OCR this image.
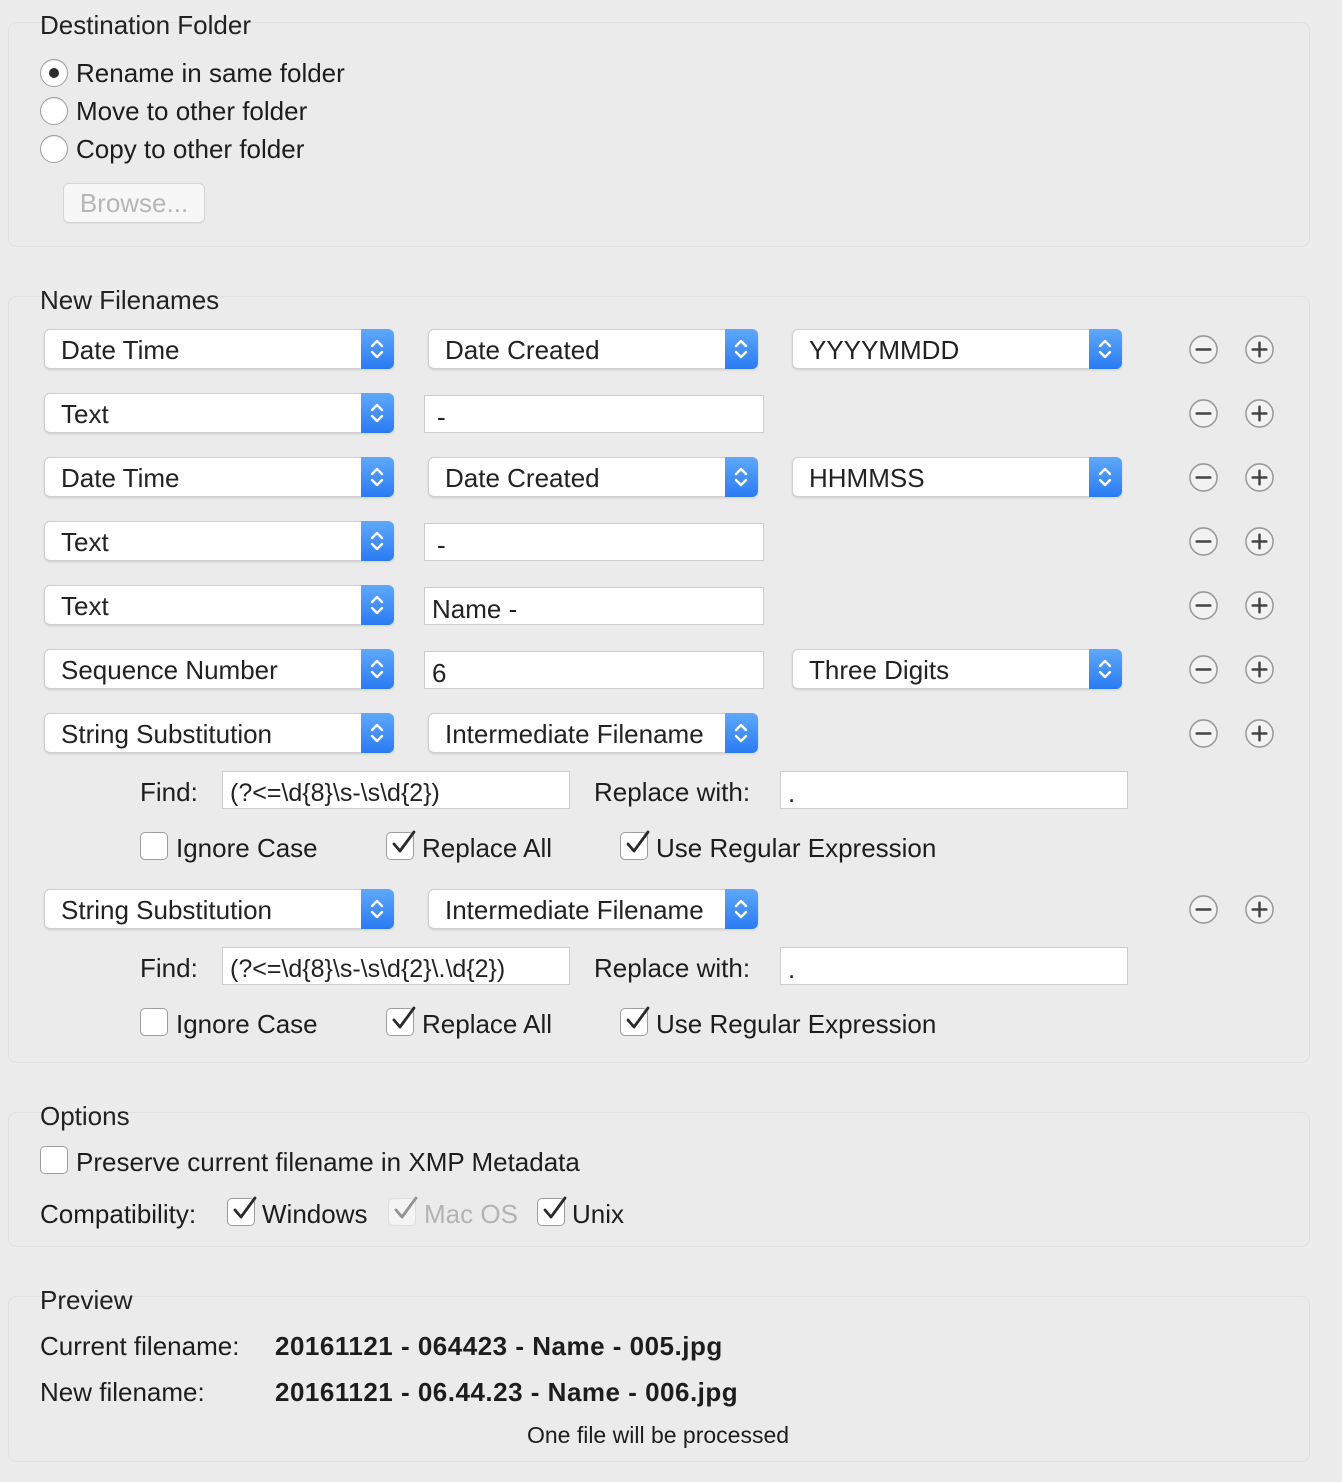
Destination Folder
Rename in same folder
Move to other folder
Copy to other folder
Browse...
New Filenames
Date Time	Date Created	YYYYMMDD
Text	-
Date Time	Date Created	HHMMSS
Text	-
Text	Name -
Sequence Number	6	Three Digits
String Substitution	Intermediate Filename
Find:	(?<=\d{8}\s-\s\d{2})	Replace with:	.
Ignore Case	Replace All	Use Regular Expression
String Substitution	Intermediate Filename
Find:	(?<=\d{8}\s-\s\d{2}\.\d{2})	Replace with:	.
Ignore Case	Replace All	Use Regular Expression
Options
Preserve current filename in XMP Metadata
Compatibility:	Windows Mac OS Unix
Preview
Current filename: 20161121 - 064423 - Name - 005.jpg
New filename:	20161121 - 06.44.23 - Name - 006.jpg
One file will be processed
